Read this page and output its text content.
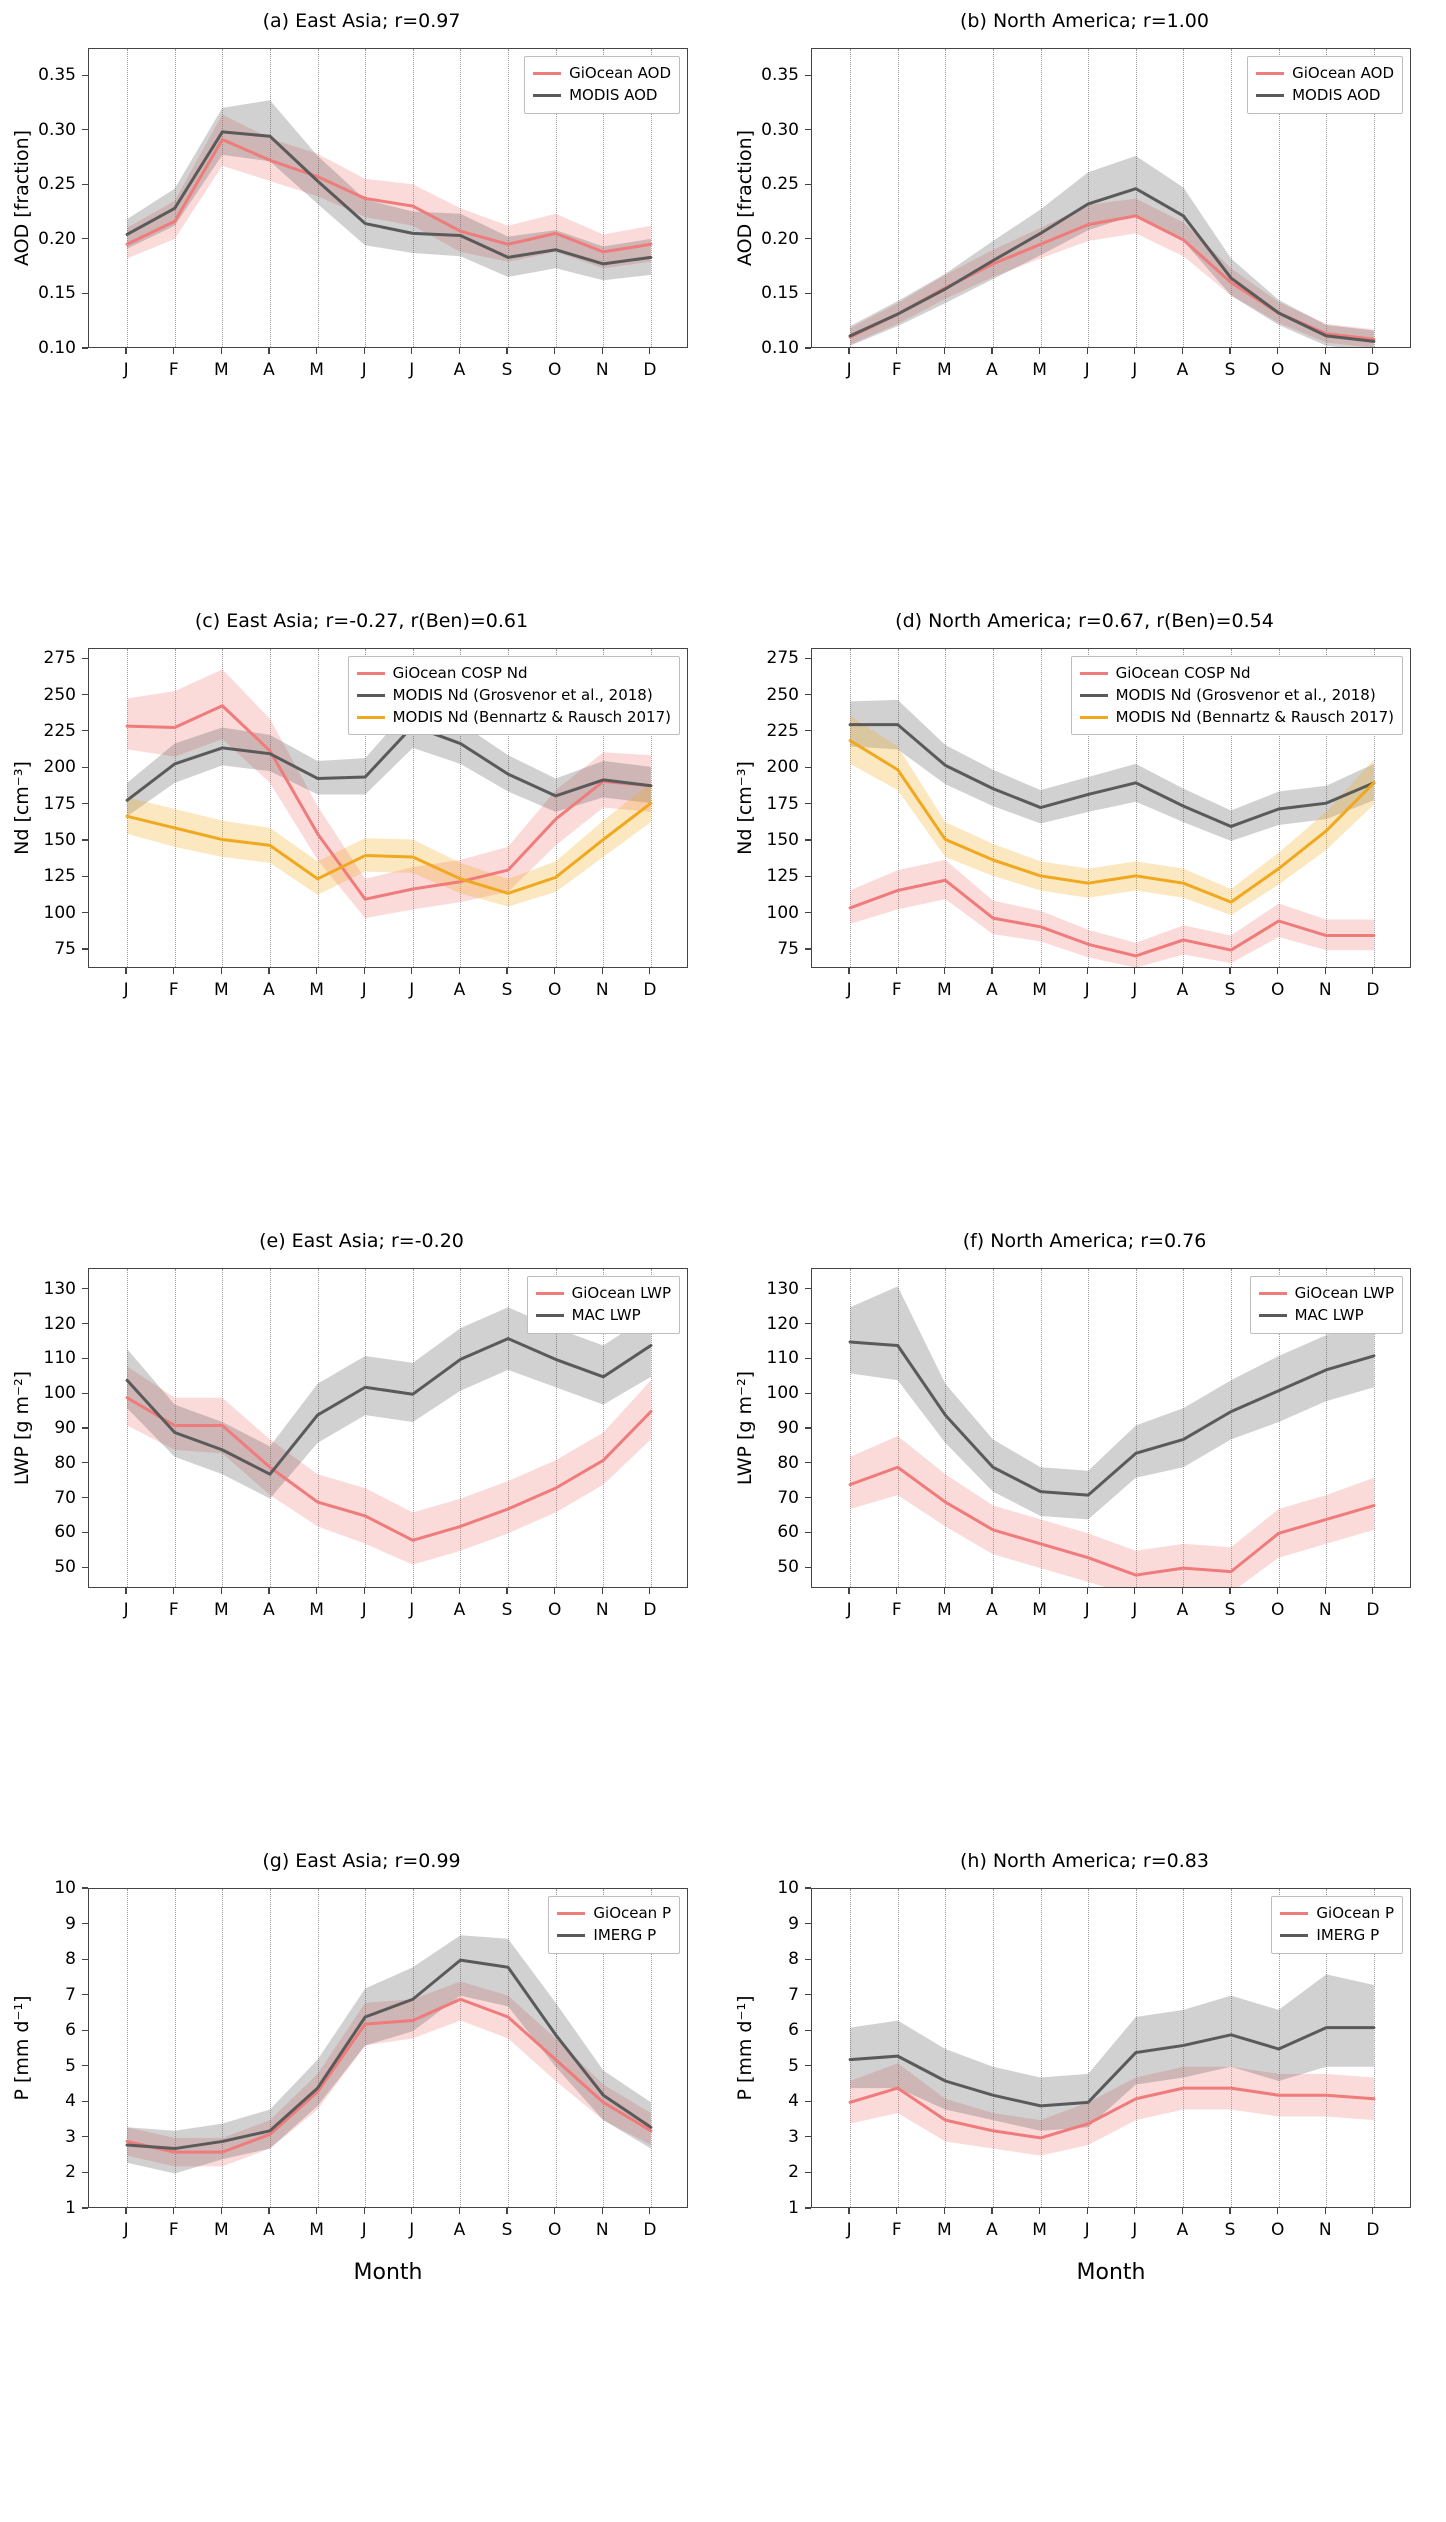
(a) East Asia; r=0.97
AOD [fraction]
0.10
0.15
0.20
0.25
0.30
0.35
J F M A M J	J A S O N D
GiOcean AOD
MODIS AOD
(b) North America; r=1.00
AOD [fraction]
0.10
0.15
0.20
0.25
0.30
0.35
J F M A M J	J A S O N D
GiOcean AOD
MODIS AOD
(c) East Asia; r=-0.27, r(Ben)=0.61
Nd [cm⁻³]
75
100
125
150
175
200
225
250
275
J F M A M J	J A S O N D
GiOcean COSP Nd
MODIS Nd (Grosvenor et al., 2018)
MODIS Nd (Bennartz & Rausch 2017)
(d) North America; r=0.67, r(Ben)=0.54
Nd [cm⁻³]
75
100
125
150
175
200
225
250
275
J F M A M J	J A S O N D
GiOcean COSP Nd
MODIS Nd (Grosvenor et al., 2018)
MODIS Nd (Bennartz & Rausch 2017)
(e) East Asia; r=-0.20
LWP [g m⁻²]
50
60
70
80
90
100
110
120
130
J F M A M J	J A S O N D
GiOcean LWP
MAC LWP
(f) North America; r=0.76
LWP [g m⁻²]
50
60
70
80
90
100
110
120
130
J F M A M J	J A S O N D
GiOcean LWP
MAC LWP
(g) East Asia; r=0.99
P [mm d⁻¹]
1
2
3
4
5
6
7
8
9
10
J F M A M J	J A S O N D
Month
GiOcean P
IMERG P
(h) North America; r=0.83
P [mm d⁻¹]
1
2
3
4
5
6
7
8
9
10
J F M A M J	J A S O N D
Month
GiOcean P
IMERG P
